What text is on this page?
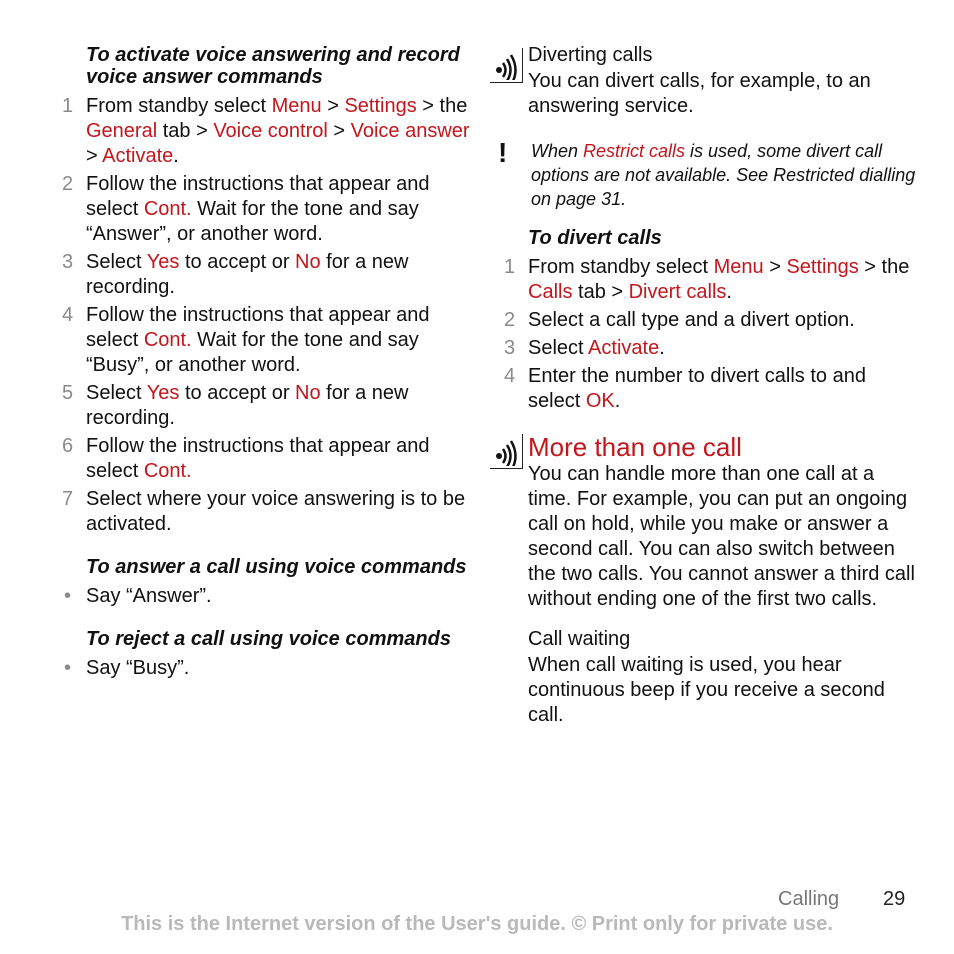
To activate voice answering and record voice answer commands
1 From standby select Menu > Settings > the General tab > Voice control > Voice answer > Activate.
2 Follow the instructions that appear and select Cont. Wait for the tone and say “Answer”, or another word.
3 Select Yes to accept or No for a new recording.
4 Follow the instructions that appear and select Cont. Wait for the tone and say “Busy”, or another word.
5 Select Yes to accept or No for a new recording.
6 Follow the instructions that appear and select Cont.
7 Select where your voice answering is to be activated.
To answer a call using voice commands
• Say “Answer”.
To reject a call using voice commands
• Say “Busy”.
Diverting calls
You can divert calls, for example, to an answering service.
! When Restrict calls is used, some divert call options are not available. See Restricted dialling on page 31.
To divert calls
1 From standby select Menu > Settings > the Calls tab > Divert calls.
2 Select a call type and a divert option.
3 Select Activate.
4 Enter the number to divert calls to and select OK.
More than one call
You can handle more than one call at a time. For example, you can put an ongoing call on hold, while you make or answer a second call. You can also switch between the two calls. You cannot answer a third call without ending one of the first two calls.
Call waiting
When call waiting is used, you hear continuous beep if you receive a second call.
Calling 29
This is the Internet version of the User's guide. © Print only for private use.
